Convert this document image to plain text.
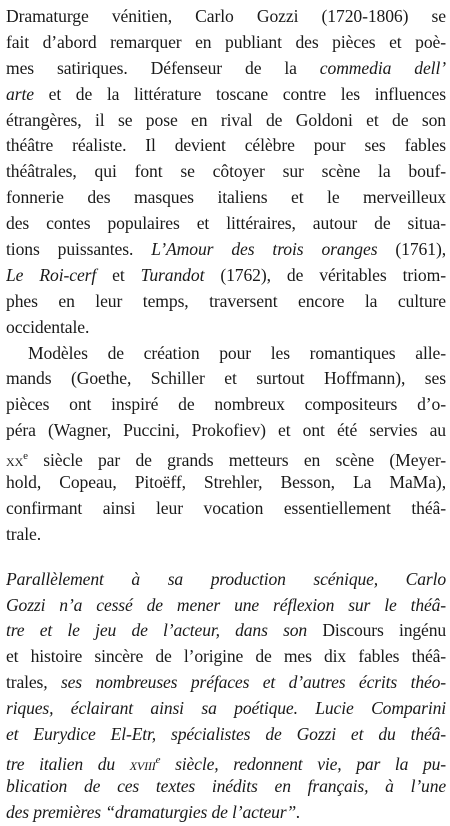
Dramaturge vénitien, Carlo Gozzi (1720-1806) se
fait d’abord remarquer en publiant des pièces et poè-
mes satiriques. Défenseur de la commedia dell’
arte et de la littérature toscane contre les influences
étrangères, il se pose en rival de Goldoni et de son
théâtre réaliste. Il devient célèbre pour ses fables
théâtrales, qui font se côtoyer sur scène la bouf-
fonnerie des masques italiens et le merveilleux
des contes populaires et littéraires, autour de situa-
tions puissantes. L’Amour des trois oranges (1761),
Le Roi-cerf et Turandot (1762), de véritables triom-
phes en leur temps, traversent encore la culture
occidentale.
Modèles de création pour les romantiques alle-
mands (Goethe, Schiller et surtout Hoffmann), ses
pièces ont inspiré de nombreux compositeurs d’o-
péra (Wagner, Puccini, Prokofiev) et ont été servies au
$xx^e$ siècle par de grands metteurs en scène (Meyer-
hold, Copeau, Pitoëff, Strehler, Besson, La MaMa),
confirmant ainsi leur vocation essentiellement théâ-
trale.
Parallèlement à sa production scénique, Carlo
Gozzi n’a cessé de mener une réflexion sur le théâ-
tre et le jeu de l’acteur, dans son Discours ingénu
et histoire sincère de l’origine de mes dix fables théâ-
trales, ses nombreuses préfaces et d’autres écrits théo-
riques, éclairant ainsi sa poétique. Lucie Comparini
et Eurydice El-Etr, spécialistes de Gozzi et du théâ-
tre italien du xviii$^e$ siècle, redonnent vie, par la pu-
blication de ces textes inédits en français, à l’une
des premières “dramaturgies de l’acteur”.
